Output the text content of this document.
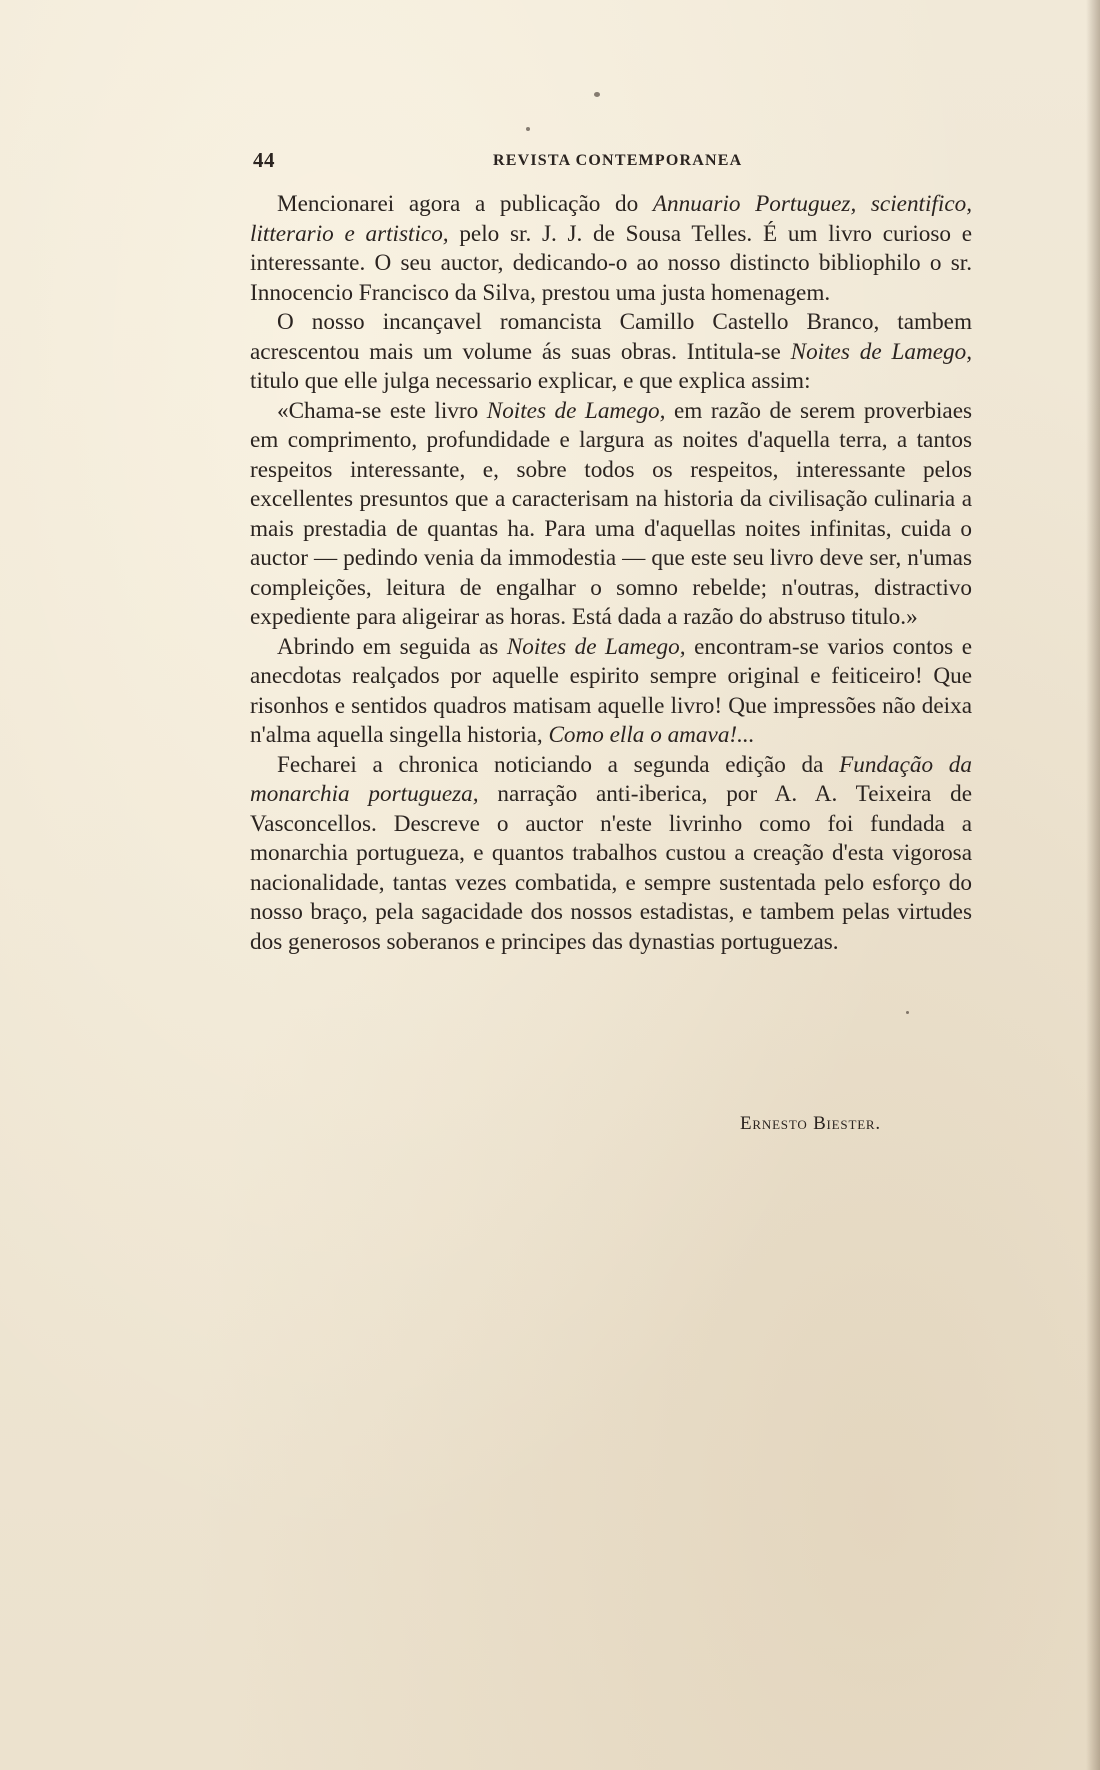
44	REVISTA CONTEMPORANEA

Mencionarei agora a publicação do Annuario Portuguez, scientifico, litterario e artistico, pelo sr. J. J. de Sousa Telles. É um livro curioso e interessante. O seu auctor, dedicando-o ao nosso distincto bibliophilo o sr. Innocencio Francisco da Silva, prestou uma justa homenagem.

O nosso incançavel romancista Camillo Castello Branco, tambem acrescentou mais um volume ás suas obras. Intitula-se Noites de Lamego, titulo que elle julga necessario explicar, e que explica assim:

«Chama-se este livro Noites de Lamego, em razão de serem proverbiaes em comprimento, profundidade e largura as noites d'aquella terra, a tantos respeitos interessante, e, sobre todos os respeitos, interessante pelos excellentes presuntos que a caracterisam na historia da civilisação culinaria a mais prestadia de quantas ha. Para uma d'aquellas noites infinitas, cuida o auctor — pedindo venia da immodestia — que este seu livro deve ser, n'umas compleições, leitura de engalhar o somno rebelde; n'outras, distractivo expediente para aligeirar as horas. Está dada a razão do abstruso titulo.»

Abrindo em seguida as Noites de Lamego, encontram-se varios contos e anecdotas realçados por aquelle espirito sempre original e feiticeiro! Que risonhos e sentidos quadros matisam aquelle livro! Que impressões não deixa n'alma aquella singella historia, Como ella o amava!...

Fecharei a chronica noticiando a segunda edição da Fundação da monarchia portugueza, narração anti-iberica, por A. A. Teixeira de Vasconcellos. Descreve o auctor n'este livrinho como foi fundada a monarchia portugueza, e quantos trabalhos custou a creação d'esta vigorosa nacionalidade, tantas vezes combatida, e sempre sustentada pelo esforço do nosso braço, pela sagacidade dos nossos estadistas, e tambem pelas virtudes dos generosos soberanos e principes das dynastias portuguezas.

Ernesto Biester.
